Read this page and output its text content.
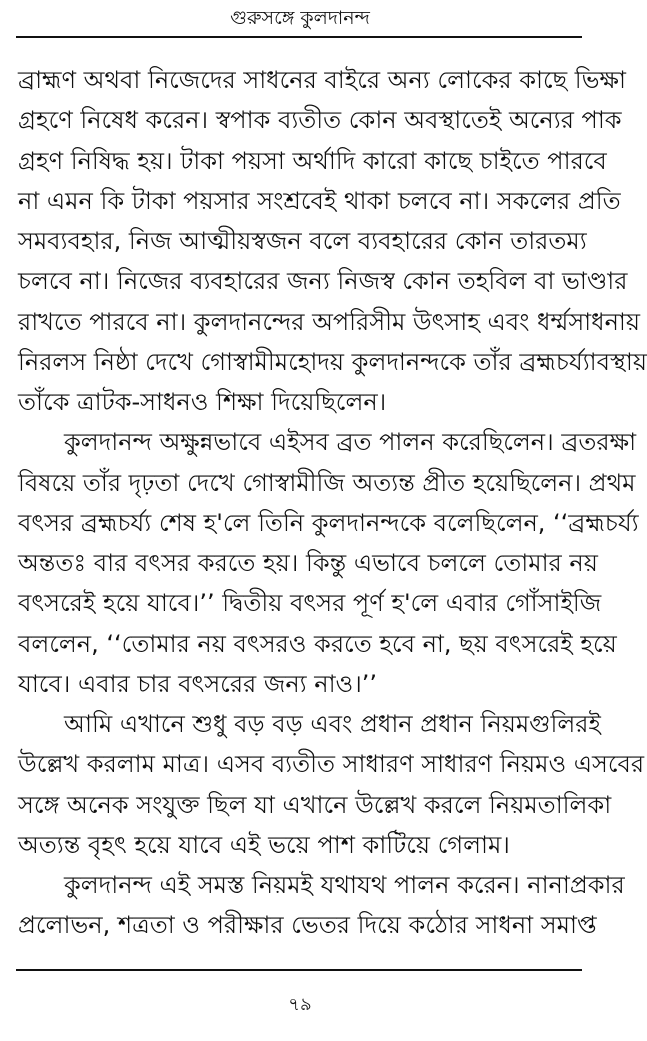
গুরুসঙ্গে কুলদানন্দ
ব্রাহ্মণ অথবা নিজেদের সাধনের বাইরে অন্য লোকের কাছে ভিক্ষা
গ্রহণে নিষেধ করেন। স্বপাক ব্যতীত কোন অবস্থাতেই অন্যের পাক
গ্রহণ নিষিদ্ধ হয়। টাকা পয়সা অর্থাদি কারো কাছে চাইতে পারবে
না এমন কি টাকা পয়সার সংশ্রবেই থাকা চলবে না। সকলের প্রতি
সমব্যবহার, নিজ আত্মীয়স্বজন বলে ব্যবহারের কোন তারতম্য
চলবে না। নিজের ব্যবহারের জন্য নিজস্ব কোন তহবিল বা ভাণ্ডার
রাখতে পারবে না। কুলদানন্দের অপরিসীম উৎসাহ এবং ধর্ম্মসাধনায়
নিরলস নিষ্ঠা দেখে গোস্বামীমহোদয় কুলদানন্দকে তাঁর ব্রহ্মচর্য্যাবস্থায়
তাঁকে ত্রাটক-সাধনও শিক্ষা দিয়েছিলেন।
কুলদানন্দ অক্ষুন্নভাবে এইসব ব্রত পালন করেছিলেন। ব্রতরক্ষা
বিষয়ে তাঁর দৃঢ়তা দেখে গোস্বামীজি অত্যন্ত প্রীত হয়েছিলেন। প্রথম
বৎসর ব্রহ্মচর্য্য শেষ হ'লে তিনি কুলদানন্দকে বলেছিলেন, ‘‘ব্রহ্মচর্য্য
অন্ততঃ বার বৎসর করতে হয়। কিন্তু এভাবে চললে তোমার নয়
বৎসরেই হয়ে যাবে।’’ দ্বিতীয় বৎসর পূর্ণ হ'লে এবার গোঁসাইজি
বললেন, ‘‘তোমার নয় বৎসরও করতে হবে না, ছয় বৎসরেই হয়ে
যাবে। এবার চার বৎসরের জন্য নাও।’’
আমি এখানে শুধু বড় বড় এবং প্রধান প্রধান নিয়মগুলিরই
উল্লেখ করলাম মাত্র। এসব ব্যতীত সাধারণ সাধারণ নিয়মও এসবের
সঙ্গে অনেক সংযুক্ত ছিল যা এখানে উল্লেখ করলে নিয়মতালিকা
অত্যন্ত বৃহৎ হয়ে যাবে এই ভয়ে পাশ কাটিয়ে গেলাম।
কুলদানন্দ এই সমস্ত নিয়মই যথাযথ পালন করেন। নানাপ্রকার
প্রলোভন, শত্রতা ও পরীক্ষার ভেতর দিয়ে কঠোর সাধনা সমাপ্ত
৭৯
